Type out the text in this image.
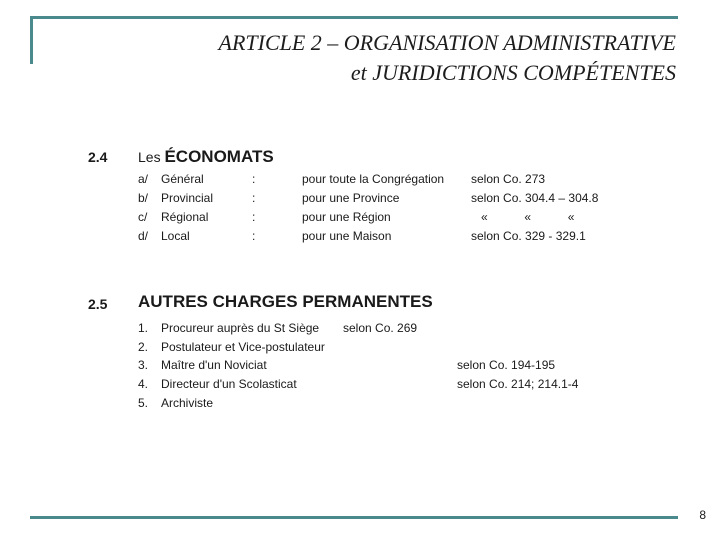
ARTICLE 2 – ORGANISATION ADMINISTRATIVE
et JURIDICTIONS COMPÉTENTES
2.4 Les ÉCONOMATS
a/ Général	:	pour toute la Congrégation selon Co. 273
b/ Provincial	:	pour une Province	selon Co. 304.4 – 304.8
c/ Régional	:	pour une Région	«           «           «
d/ Local	:	pour une Maison	selon Co. 329 - 329.1
2.5 AUTRES CHARGES PERMANENTES
1. Procureur auprès du St Siège selon Co. 269
2. Postulateur et Vice-postulateur
3. Maître d'un Noviciat	selon Co. 194-195
4. Directeur d'un Scolasticat	selon Co. 214; 214.1-4
5. Archiviste
8
